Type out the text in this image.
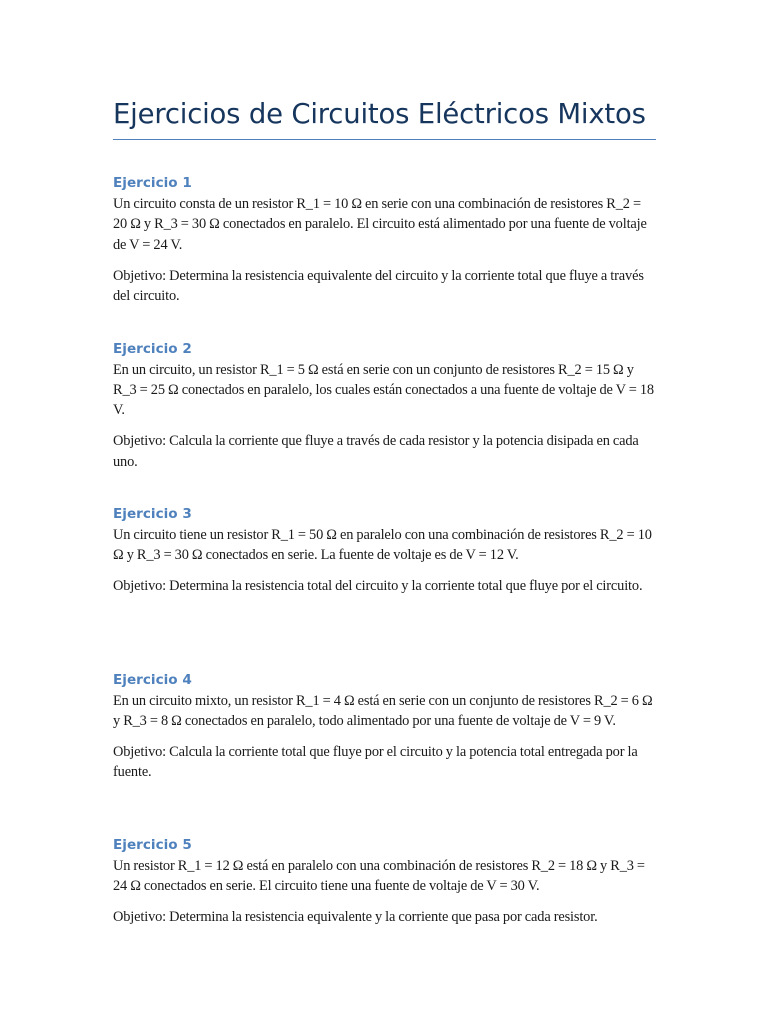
Ejercicios de Circuitos Eléctricos Mixtos
Ejercicio 1

Un circuito consta de un resistor R_1 = 10 Ω en serie con una combinación de resistores R_2 = 20 Ω y R_3 = 30 Ω conectados en paralelo. El circuito está alimentado por una fuente de voltaje de V = 24 V.

Objetivo: Determina la resistencia equivalente del circuito y la corriente total que fluye a través del circuito.

Ejercicio 2

En un circuito, un resistor R_1 = 5 Ω está en serie con un conjunto de resistores R_2 = 15 Ω y R_3 = 25 Ω conectados en paralelo, los cuales están conectados a una fuente de voltaje de V = 18 V.

Objetivo: Calcula la corriente que fluye a través de cada resistor y la potencia disipada en cada uno.

Ejercicio 3

Un circuito tiene un resistor R_1 = 50 Ω en paralelo con una combinación de resistores R_2 = 10 Ω y R_3 = 30 Ω conectados en serie. La fuente de voltaje es de V = 12 V.

Objetivo: Determina la resistencia total del circuito y la corriente total que fluye por el circuito.

Ejercicio 4

En un circuito mixto, un resistor R_1 = 4 Ω está en serie con un conjunto de resistores R_2 = 6 Ω y R_3 = 8 Ω conectados en paralelo, todo alimentado por una fuente de voltaje de V = 9 V.

Objetivo: Calcula la corriente total que fluye por el circuito y la potencia total entregada por la fuente.

Ejercicio 5

Un resistor R_1 = 12 Ω está en paralelo con una combinación de resistores R_2 = 18 Ω y R_3 = 24 Ω conectados en serie. El circuito tiene una fuente de voltaje de V = 30 V.

Objetivo: Determina la resistencia equivalente y la corriente que pasa por cada resistor.
